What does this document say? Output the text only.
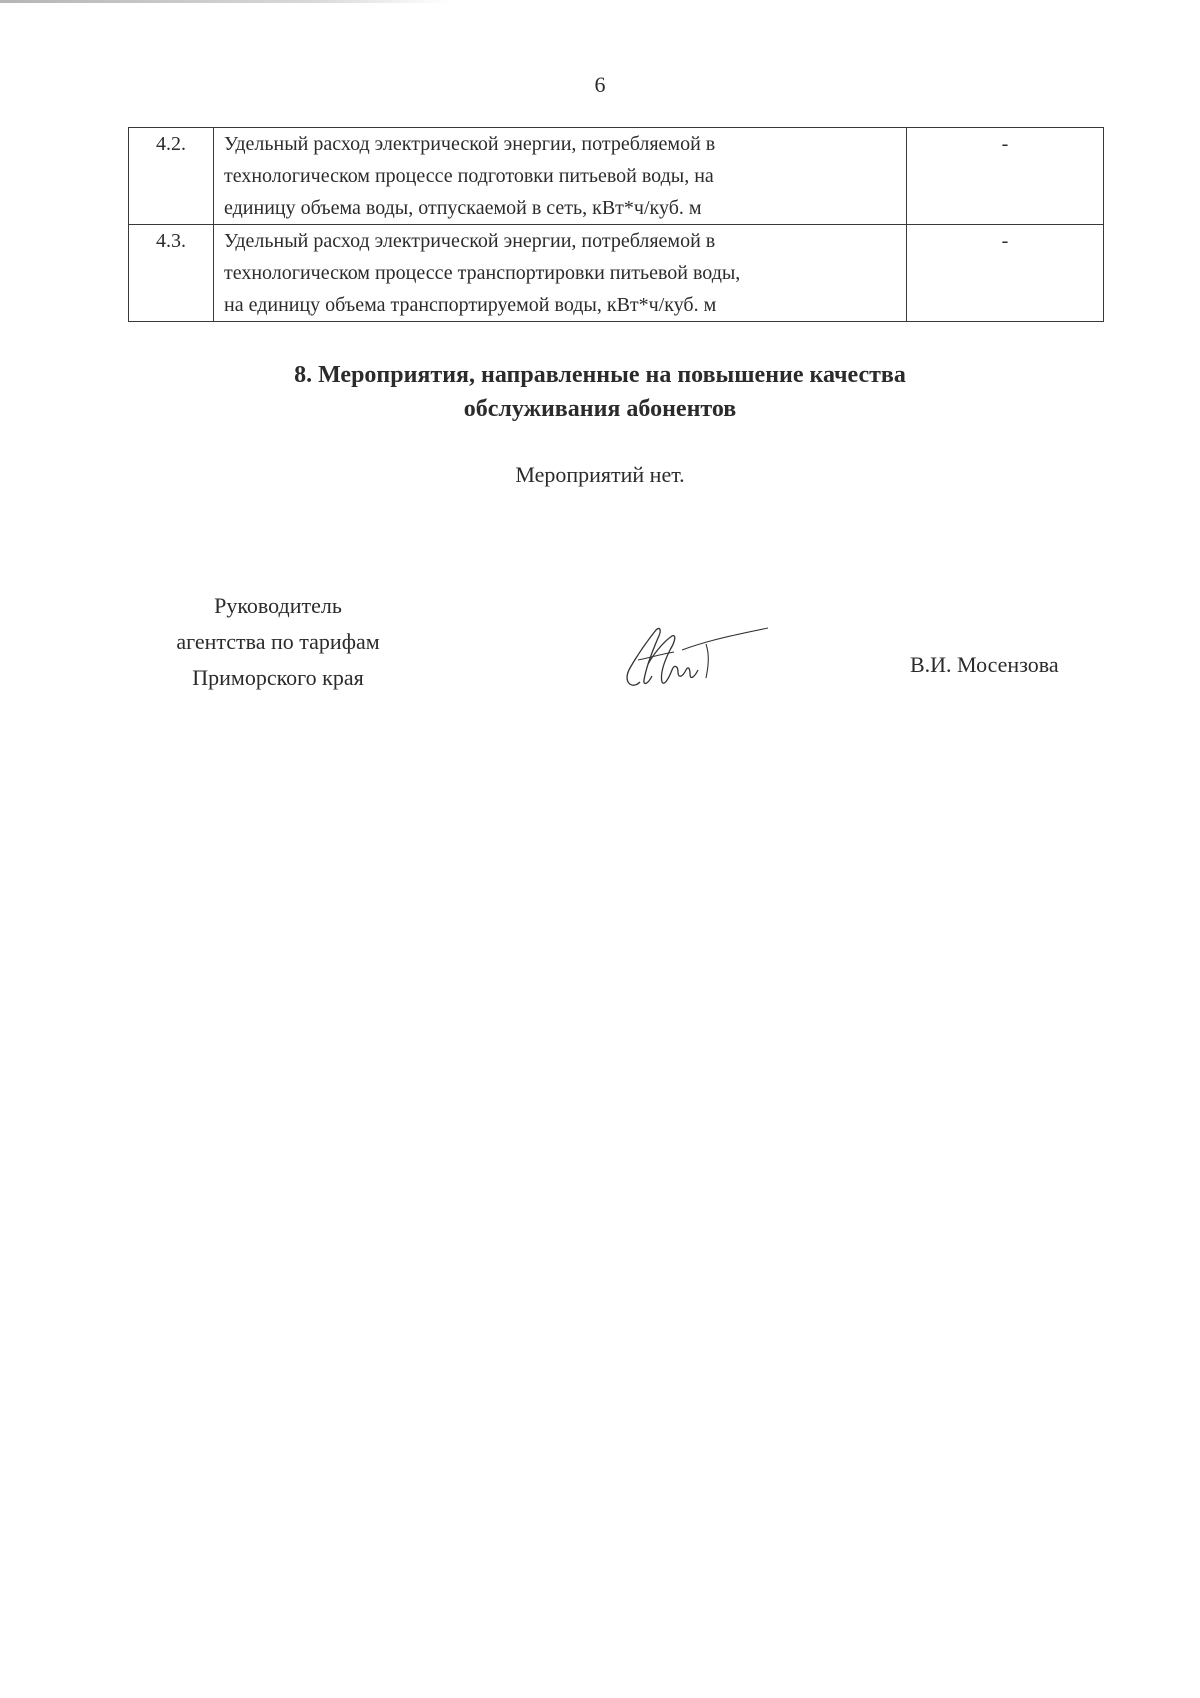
6
4.2.	Удельный расход электрической энергии, потребляемой в
технологическом процессе подготовки питьевой воды, на
единицу объема воды, отпускаемой в сеть, кВт*ч/куб. м	-
4.3.	Удельный расход электрической энергии, потребляемой в
технологическом процессе транспортировки питьевой воды,
на единицу объема транспортируемой воды, кВт*ч/куб. м	-
8. Мероприятия, направленные на повышение качества
обслуживания абонентов
Мероприятий нет.
Руководитель
агентства по тарифам
Приморского края
В.И. Мосензова
